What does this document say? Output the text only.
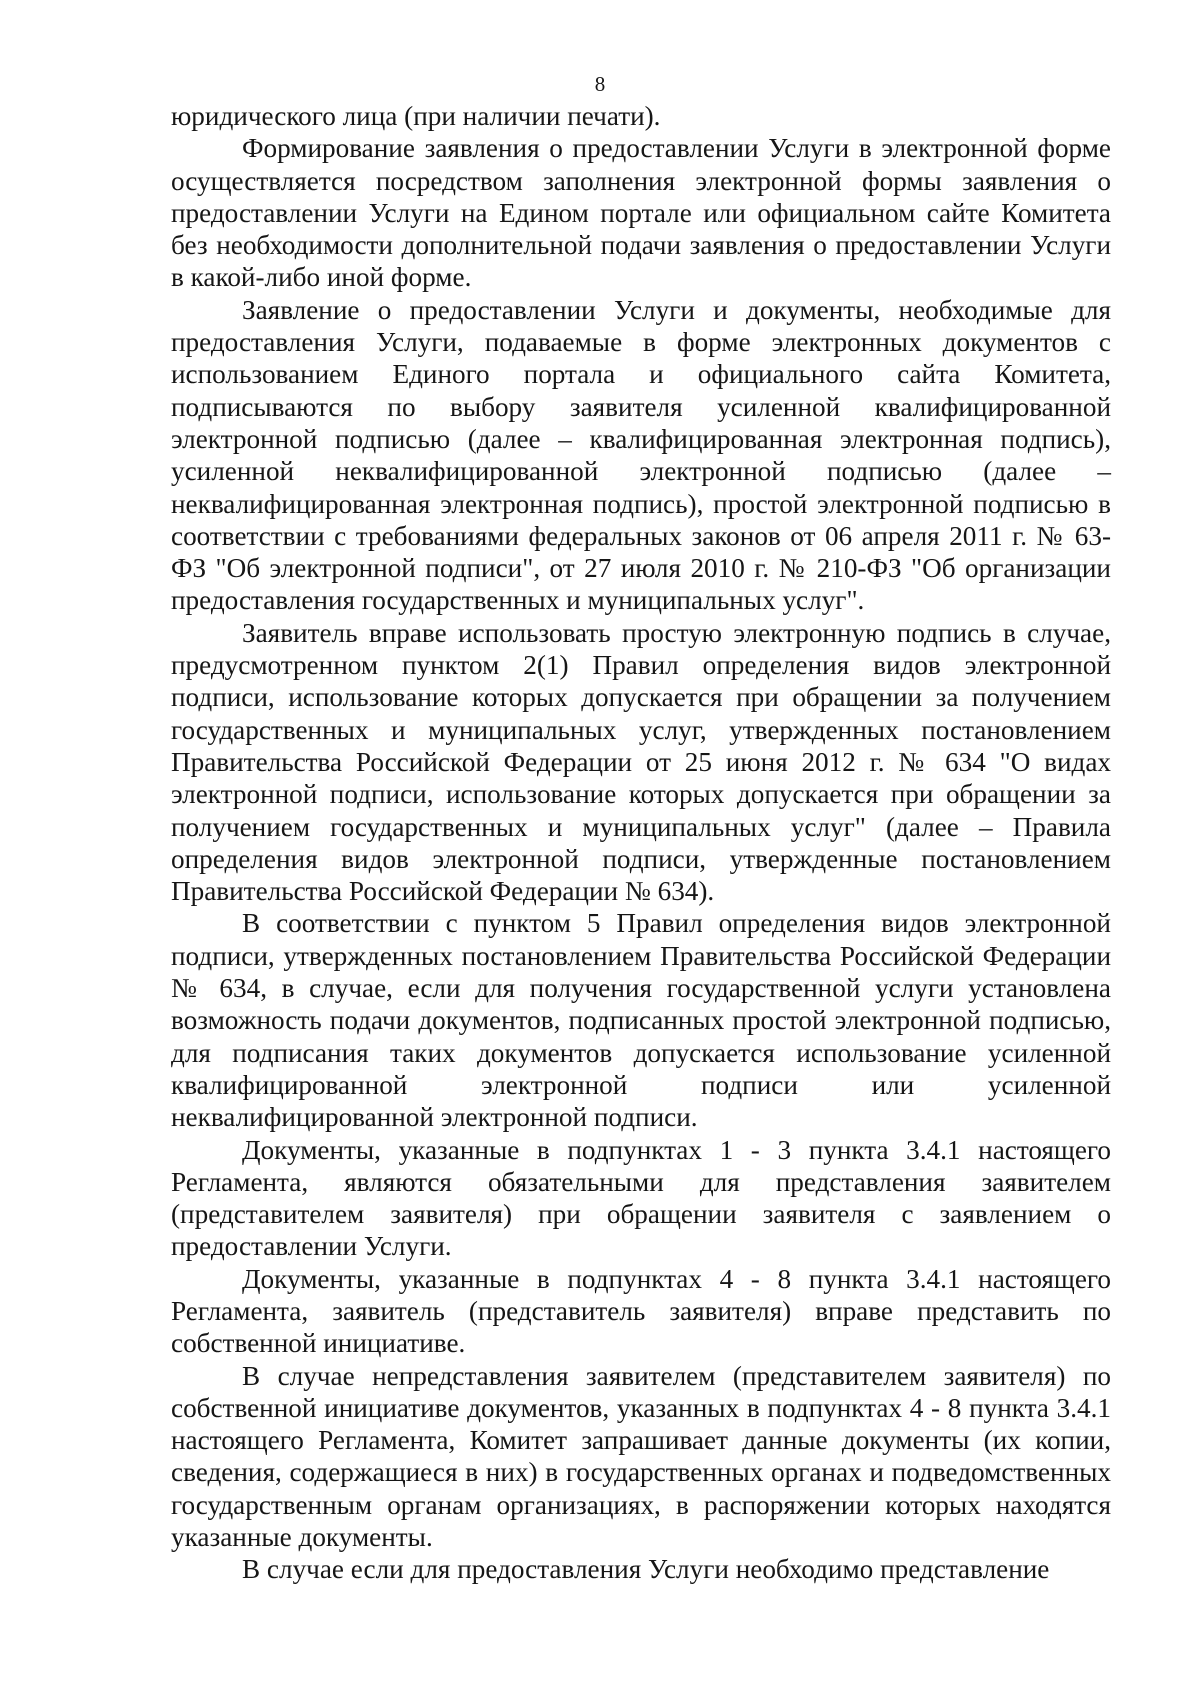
8

юридического лица (при наличии печати).

Формирование заявления о предоставлении Услуги в электронной форме осуществляется посредством заполнения электронной формы заявления о предоставлении Услуги на Едином портале или официальном сайте Комитета без необходимости дополнительной подачи заявления о предоставлении Услуги в какой-либо иной форме.

Заявление о предоставлении Услуги и документы, необходимые для предоставления Услуги, подаваемые в форме электронных документов с использованием Единого портала и официального сайта Комитета, подписываются по выбору заявителя усиленной квалифицированной электронной подписью (далее – квалифицированная электронная подпись), усиленной неквалифицированной электронной подписью (далее – неквалифицированная электронная подпись), простой электронной подписью в соответствии с требованиями федеральных законов от 06 апреля 2011 г. № 63-ФЗ "Об электронной подписи", от 27 июля 2010 г. № 210-ФЗ "Об организации предоставления государственных и муниципальных услуг".

Заявитель вправе использовать простую электронную подпись в случае, предусмотренном пунктом 2(1) Правил определения видов электронной подписи, использование которых допускается при обращении за получением государственных и муниципальных услуг, утвержденных постановлением Правительства Российской Федерации от 25 июня 2012 г. № 634 "О видах электронной подписи, использование которых допускается при обращении за получением государственных и муниципальных услуг" (далее – Правила определения видов электронной подписи, утвержденные постановлением Правительства Российской Федерации № 634).

В соответствии с пунктом 5 Правил определения видов электронной подписи, утвержденных постановлением Правительства Российской Федерации № 634, в случае, если для получения государственной услуги установлена возможность подачи документов, подписанных простой электронной подписью, для подписания таких документов допускается использование усиленной квалифицированной электронной подписи или усиленной неквалифицированной электронной подписи.

Документы, указанные в подпунктах 1 - 3 пункта 3.4.1 настоящего Регламента, являются обязательными для представления заявителем (представителем заявителя) при обращении заявителя с заявлением о предоставлении Услуги.

Документы, указанные в подпунктах 4 - 8 пункта 3.4.1 настоящего Регламента, заявитель (представитель заявителя) вправе представить по собственной инициативе.

В случае непредставления заявителем (представителем заявителя) по собственной инициативе документов, указанных в подпунктах 4 - 8 пункта 3.4.1 настоящего Регламента, Комитет запрашивает данные документы (их копии, сведения, содержащиеся в них) в государственных органах и подведомственных государственным органам организациях, в распоряжении которых находятся указанные документы.

В случае если для предоставления Услуги необходимо представление
